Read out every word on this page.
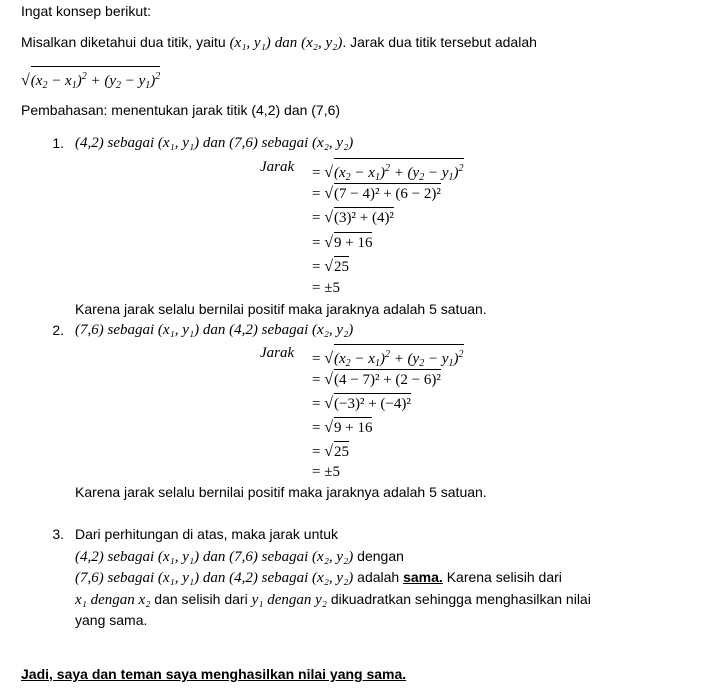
Ingat konsep berikut:
Misalkan diketahui dua titik, yaitu (x₁, y₁) dan (x₂, y₂). Jarak dua titik tersebut adalah
$√(x_2 - x_1)^2 + (y_2 - y_1)^2$
Pembahasan: menentukan jarak titik (4,2) dan (7,6)
1. (4,2) sebagai (x₁, y₁) dan (7,6) sebagai (x₂, y₂)
Jarak = $√(x_2 - x_1)^2 + (y_2 - y_1)^2$
= √(7 − 4)² + (6 − 2)²
= √(3)² + (4)²
= √9 + 16
= √25
= ±5
Karena jarak selalu bernilai positif maka jaraknya adalah 5 satuan.
2. (7,6) sebagai (x₁, y₁) dan (4,2) sebagai (x₂, y₂)
Jarak = $√(x_2 - x_1)^2 + (y_2 - y_1)^2$
= √(4 − 7)² + (2 − 6)²
= √(−3)² + (−4)²
= √9 + 16
= √25
= ±5
Karena jarak selalu bernilai positif maka jaraknya adalah 5 satuan.
3. Dari perhitungan di atas, maka jarak untuk
(4,2) sebagai (x₁, y₁) dan (7,6) sebagai (x₂, y₂) dengan
(7,6) sebagai (x₁, y₁) dan (4,2) sebagai (x₂, y₂) adalah sama. Karena selisih dari
x₁ dengan x₂ dan selisih dari y₁ dengan y₂ dikuadratkan sehingga menghasilkan nilai
yang sama.
Jadi, saya dan teman saya menghasilkan nilai yang sama.
